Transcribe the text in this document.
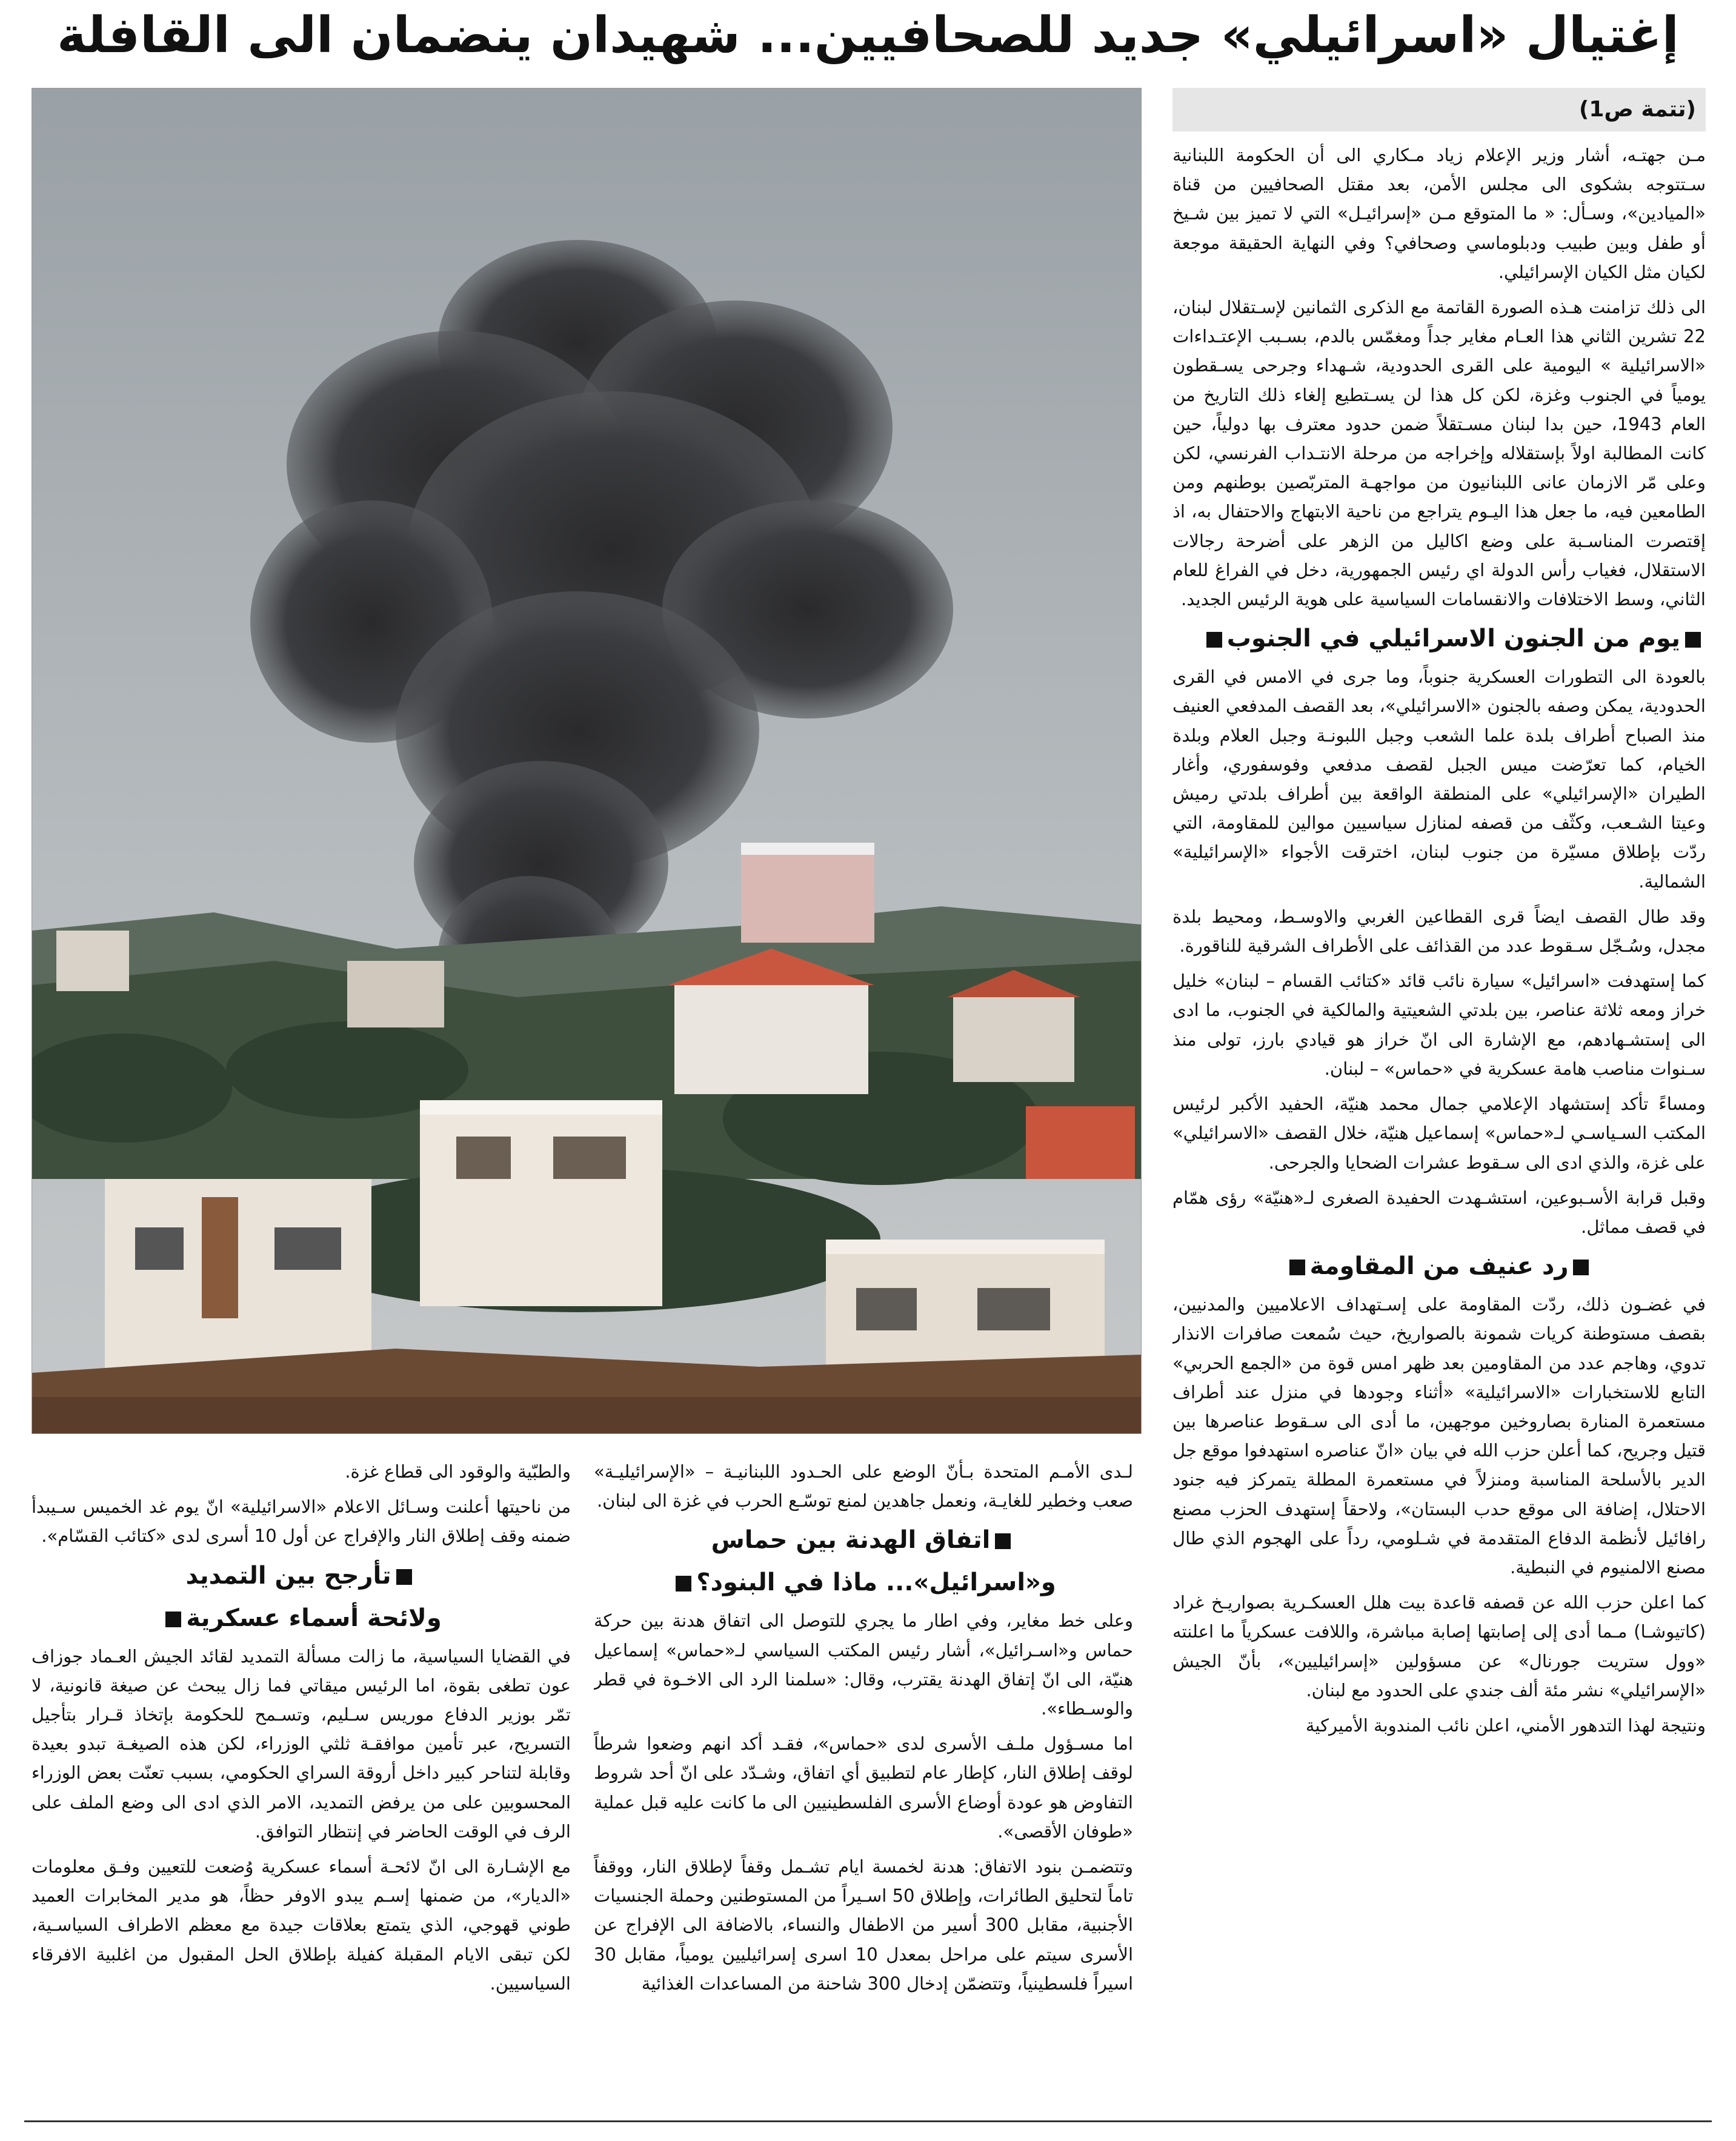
إغتيال «اسرائيلي» جديد للصحافيين... شهيدان ينضمان الى القافلة
(تتمة ص1)

مـن جهتـه، أشار وزير الإعلام زياد مـكاري الى أن الحكومة اللبنانية سـتتوجه بشكوى الى مجلس الأمن، بعد مقتل الصحافيين من قناة «الميادين»، وسـأل: « ما المتوقع مـن «إسرائيـل» التي لا تميز بين شـيخ أو طفل وبين طبيب ودبلوماسي وصحافي؟ وفي النهاية الحقيقة موجعة لكيان مثل الكيان الإسرائيلي.

الى ذلك تزامنت هـذه الصورة القاتمة مع الذكرى الثمانين لإسـتقلال لبنان، 22 تشرين الثاني هذا العـام مغاير جداً ومغمّس بالدم، بسـبب الإعتـداءات «الاسرائيلية » اليومية على القرى الحدودية، شـهداء وجرحى يسـقطون يومياً في الجنوب وغزة، لكن كل هذا لن يسـتطيع إلغاء ذلك التاريخ من العام 1943، حين بدا لبنان مسـتقلاً ضمن حدود معترف بها دولياً، حين كانت المطالبة اولاً بإستقلاله وإخراجه من مرحلة الانتـداب الفرنسي، لكن وعلى مّر الازمان عانى اللبنانيون من مواجهـة المتربّصين بوطنهم ومن الطامعين فيه، ما جعل هذا اليـوم يتراجع من ناحية الابتهاج والاحتفال به، اذ إقتصرت المناسـبة على وضع اكاليل من الزهر على أضرحة رجالات الاستقلال، فغياب رأس الدولة اي رئيس الجمهورية، دخل في الفراغ للعام الثاني، وسط الاختلافات والانقسامات السياسية على هوية الرئيس الجديد.

يوم من الجنون الاسرائيلي في الجنوب

بالعودة الى التطورات العسكرية جنوباً، وما جرى في الامس في القرى الحدودية، يمكن وصفه بالجنون «الاسرائيلي»، بعد القصف المدفعي العنيف منذ الصباح أطراف بلدة علما الشعب وجبل اللبونـة وجبل العلام وبلدة الخيام، كما تعرّضت ميس الجبل لقصف مدفعي وفوسفوري، وأغار الطيران «الإسرائيلي» على المنطقة الواقعة بين أطراف بلدتي رميش وعيتا الشـعب، وكثّف من قصفه لمنازل سياسيين موالين للمقاومة، التي ردّت بإطلاق مسيّرة من جنوب لبنان، اخترقت الأجواء «الإسرائيلية» الشمالية.

وقد طال القصف ايضاً قرى القطاعين الغربي والاوسـط، ومحيط بلدة مجدل، وسُـجّل سـقوط عدد من القذائف على الأطراف الشرقية للناقورة.

كما إستهدفت «اسرائيل» سيارة نائب قائد «كتائب القسام – لبنان» خليل خراز ومعه ثلاثة عناصر، بين بلدتي الشعيتية والمالكية في الجنوب، ما ادى الى إستشـهادهم، مع الإشارة الى انّ خراز هو قيادي بارز، تولى منذ سـنوات مناصب هامة عسكرية في «حماس» – لبنان.

ومساءً تأكد إستشهاد الإعلامي جمال محمد هنيّة، الحفيد الأكبر لرئيس المكتب السـياسـي لـ«حماس» إسماعيل هنيّة، خلال القصف «الاسرائيلي» على غزة، والذي ادى الى سـقوط عشرات الضحايا والجرحى.

وقبل قرابة الأسـبوعين، استشـهدت الحفيدة الصغرى لـ«هنيّة» رؤى همّام في قصف مماثل.

رد عنيف من المقاومة

في غضـون ذلك، ردّت المقاومة على إسـتهداف الاعلاميين والمدنيين، بقصف مستوطنة كريات شمونة بالصواريخ، حيث سُمعت صافرات الانذار تدوي، وهاجم عدد من المقاومين بعد ظهر امس قوة من «الجمع الحربي» التابع للاستخبارات «الاسرائيلية» «أثناء وجودها في منزل عند أطراف مستعمرة المنارة بصاروخين موجهين، ما أدى الى سـقوط عناصرها بين قتيل وجريح، كما أعلن حزب الله في بيان «انّ عناصره استهدفوا موقع جل الدير بالأسلحة المناسبة ومنزلاً في مستعمرة المطلة يتمركز فيه جنود الاحتلال، إضافة الى موقع حدب البستان»، ولاحقاً إستهدف الحزب مصنع رافائيل لأنظمة الدفاع المتقدمة في شـلومي، رداً على الهجوم الذي طال مصنع الالمنيوم في النبطية.

كما اعلن حزب الله عن قصفه قاعدة بيت هلل العسكـرية بصواريـخ غراد (كاتيوشـا) مـما أدى إلى إصابتها إصابة مباشرة، واللافت عسكرياً ما اعلنته «وول ستريت جورنال» عن مسؤولين «إسرائيليين»، بأنّ الجيش «الإسرائيلي» نشر مئة ألف جندي على الحدود مع لبنان.

ونتيجة لهذا التدهور الأمني، اعلن نائب المندوبة الأميركية

لـدى الأمـم المتحدة بـأنّ الوضع على الحـدود اللبنانيـة – «الإسرائيليـة» صعب وخطير للغايـة، ونعمل جاهدين لمنع توسّـع الحرب في غزة الى لبنان.

اتفاق الهدنة بين حماس
و«اسرائيل»... ماذا في البنود؟

وعلى خط مغاير، وفي اطار ما يجري للتوصل الى اتفاق هدنة بين حركة حماس و«اسـرائيل»، أشار رئيس المكتب السياسي لـ«حماس» إسماعيل هنيّة، الى انّ إتفاق الهدنة يقترب، وقال: «سلمنا الرد الى الاخـوة في قطر والوسـطاء».

اما مسـؤول ملـف الأسرى لدى «حماس»، فقـد أكد انهم وضعوا شرطاً لوقف إطلاق النار، كإطار عام لتطبيق أي اتفاق، وشـدّد على انّ أحد شروط التفاوض هو عودة أوضاع الأسرى الفلسطينيين الى ما كانت عليه قبل عملية «طوفان الأقصى».

وتتضمـن بنود الاتفاق: هدنة لخمسة ايام تشـمل وقفاً لإطلاق النار، ووقفاً تاماً لتحليق الطائرات، وإطلاق 50 اسـيراً من المستوطنين وحملة الجنسيات الأجنبية، مقابل 300 أسير من الاطفال والنساء، بالاضافة الى الإفراج عن الأسرى سيتم على مراحل بمعدل 10 اسرى إسرائيليين يومياً، مقابل 30 اسيراً فلسطينياً، وتتضمّن إدخال 300 شاحنة من المساعدات الغذائية

والطبّية والوقود الى قطاع غزة.

من ناحيتها أعلنت وسـائل الاعلام «الاسرائيلية» انّ يوم غد الخميس سـيبدأ ضمنه وقف إطلاق النار والإفراج عن أول 10 أسرى لدى «كتائب القسّام».

تأرجح بين التمديد
ولائحة أسماء عسكرية

في القضايا السياسية، ما زالت مسألة التمديد لقائد الجيش العـماد جوزاف عون تطغى بقوة، اما الرئيس ميقاتي فما زال يبحث عن صيغة قانونية، لا تمّر بوزير الدفاع موريس سـليم، وتسـمح للحكومة بإتخاذ قـرار بتأجيل التسريح، عبر تأمين موافقـة ثلثي الوزراء، لكن هذه الصيغـة تبدو بعيدة وقابلة لتناحر كبير داخل أروقة السراي الحكومي، بسبب تعنّت بعض الوزراء المحسوبين على من يرفض التمديد، الامر الذي ادى الى وضع الملف على الرف في الوقت الحاضر في إنتظار التوافق.

مع الإشـارة الى انّ لائحـة أسماء عسكرية وُضعت للتعيين وفـق معلومات «الديار»، من ضمنها إسـم يبدو الاوفر حظاً، هو مدير المخابرات العميد طوني قهوجي، الذي يتمتع بعلاقات جيدة مع معظم الاطراف السياسـية، لكن تبقى الايام المقبلة كفيلة بإطلاق الحل المقبول من اغلبية الافرقاء السياسيين.
